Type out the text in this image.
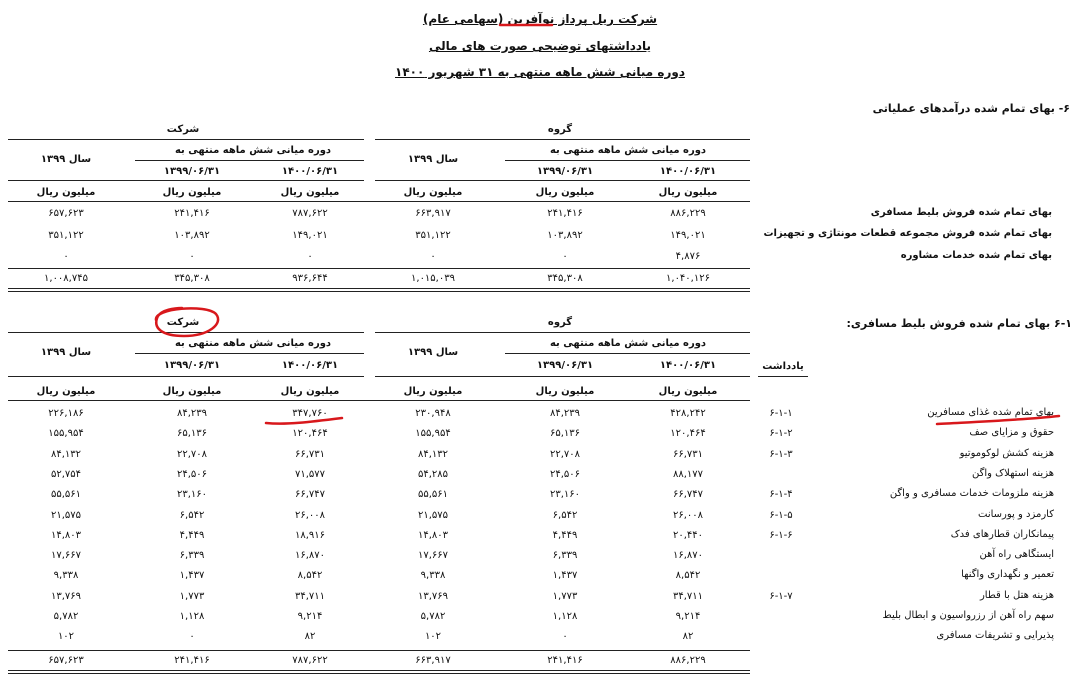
شرکت ریل پرداز نوآفرین (سهامی عام)
یادداشتهای توضیحی صورت های مالی
دوره میانی شش ماهه منتهی به ۳۱ شهریور ۱۴۰۰
۶- بهای تمام شده درآمدهای عملیاتی
گروه
شرکت
دوره میانی شش ماهه منتهی به
دوره میانی شش ماهه منتهی به
سال ۱۳۹۹
سال ۱۳۹۹
۱۴۰۰/۰۶/۳۱
۱۳۹۹/۰۶/۳۱
۱۴۰۰/۰۶/۳۱
۱۳۹۹/۰۶/۳۱
میلیون ریال
میلیون ریال
میلیون ریال
میلیون ریال
میلیون ریال
میلیون ریال
بهای تمام شده فروش بلیط مسافری
۸۸۶,۲۲۹
۲۴۱,۴۱۶
۶۶۳,۹۱۷
۷۸۷,۶۲۲
۲۴۱,۴۱۶
۶۵۷,۶۲۳
بهای تمام شده فروش مجموعه قطعات مونتاژی و تجهیزات
۱۴۹,۰۲۱
۱۰۳,۸۹۲
۳۵۱,۱۲۲
۱۴۹,۰۲۱
۱۰۳,۸۹۲
۳۵۱,۱۲۲
بهای تمام شده خدمات مشاوره
۴,۸۷۶
۰
۰
۰
۰
۰
۱,۰۴۰,۱۲۶
۳۴۵,۳۰۸
۱,۰۱۵,۰۳۹
۹۳۶,۶۴۴
۳۴۵,۳۰۸
۱,۰۰۸,۷۴۵
۶-۱ بهای تمام شده فروش بلیط مسافری:
گروه
شرکت
دوره میانی شش ماهه منتهی به
دوره میانی شش ماهه منتهی به
سال ۱۳۹۹
سال ۱۳۹۹
۱۴۰۰/۰۶/۳۱
۱۳۹۹/۰۶/۳۱
۱۴۰۰/۰۶/۳۱
۱۳۹۹/۰۶/۳۱	یادداشت
میلیون ریال
میلیون ریال
میلیون ریال
میلیون ریال
میلیون ریال
میلیون ریال
بهای تمام شده غذای مسافرین
۶-۱-۱
۴۲۸,۲۴۲
۸۴,۲۳۹
۲۳۰,۹۴۸
۳۴۷,۷۶۰
۸۴,۲۳۹
۲۲۶,۱۸۶
حقوق و مزایای صف
۶-۱-۲
۱۲۰,۴۶۴
۶۵,۱۳۶
۱۵۵,۹۵۴
۱۲۰,۴۶۴
۶۵,۱۳۶
۱۵۵,۹۵۴
هزینه کشش لوکوموتیو
۶-۱-۳
۶۶,۷۳۱
۲۲,۷۰۸
۸۴,۱۳۲
۶۶,۷۳۱
۲۲,۷۰۸
۸۴,۱۳۲
هزینه استهلاک واگن
۸۸,۱۷۷
۲۴,۵۰۶
۵۴,۲۸۵
۷۱,۵۷۷
۲۴,۵۰۶
۵۲,۷۵۴
هزینه ملزومات خدمات مسافری و واگن
۶-۱-۴
۶۶,۷۴۷
۲۳,۱۶۰
۵۵,۵۶۱
۶۶,۷۴۷
۲۳,۱۶۰
۵۵,۵۶۱
کارمزد و پورسانت
۶-۱-۵
۲۶,۰۰۸
۶,۵۴۲
۲۱,۵۷۵
۲۶,۰۰۸
۶,۵۴۲
۲۱,۵۷۵
پیمانکاران قطارهای فدک
۶-۱-۶
۲۰,۴۴۰
۴,۴۴۹
۱۴,۸۰۳
۱۸,۹۱۶
۴,۴۴۹
۱۴,۸۰۳
ایستگاهی راه آهن
۱۶,۸۷۰
۶,۳۳۹
۱۷,۶۶۷
۱۶,۸۷۰
۶,۳۳۹
۱۷,۶۶۷
تعمیر و نگهداری واگنها
۸,۵۴۲
۱,۴۳۷
۹,۳۳۸
۸,۵۴۲
۱,۴۳۷
۹,۳۳۸
هزینه هتل با قطار
۶-۱-۷
۳۴,۷۱۱
۱,۷۷۳
۱۳,۷۶۹
۳۴,۷۱۱
۱,۷۷۳
۱۳,۷۶۹
سهم راه آهن از رزرواسیون و ابطال بلیط
۹,۲۱۴
۱,۱۲۸
۵,۷۸۲
۹,۲۱۴
۱,۱۲۸
۵,۷۸۲
پذیرایی و تشریفات مسافری
۸۲
۰
۱۰۲
۸۲
۰
۱۰۲
۸۸۶,۲۲۹
۲۴۱,۴۱۶
۶۶۳,۹۱۷
۷۸۷,۶۲۲
۲۴۱,۴۱۶
۶۵۷,۶۲۳
